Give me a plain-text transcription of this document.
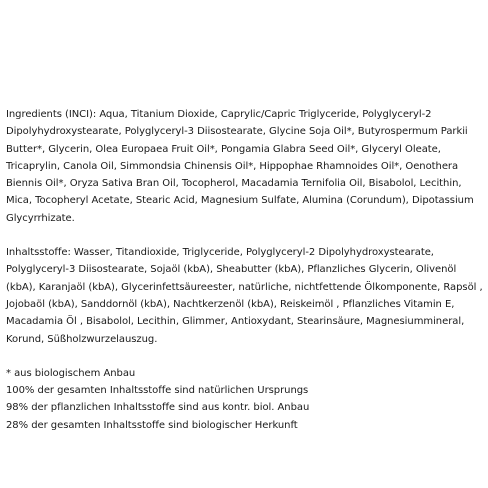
Ingredients (INCI): Aqua, Titanium Dioxide, Caprylic/Capric Triglyceride, Polyglyceryl-2 Dipolyhydroxystearate, Polyglyceryl-3 Diisostearate, Glycine Soja Oil*, Butyrospermum Parkii Butter*, Glycerin, Olea Europaea Fruit Oil*, Pongamia Glabra Seed Oil*, Glyceryl Oleate, Tricaprylin, Canola Oil, Simmondsia Chinensis Oil*, Hippophae Rhamnoides Oil*, Oenothera Biennis Oil*, Oryza Sativa Bran Oil, Tocopherol, Macadamia Ternifolia Oil, Bisabolol, Lecithin, Mica, Tocopheryl Acetate, Stearic Acid, Magnesium Sulfate, Alumina (Corundum), Dipotassium Glycyrrhizate.

Inhaltsstoffe: Wasser, Titandioxide, Triglyceride, Polyglyceryl-2 Dipolyhydroxystearate, Polyglyceryl-3 Diisostearate, Sojaöl (kbA), Sheabutter (kbA), Pflanzliches Glycerin, Olivenöl (kbA), Karanjaöl (kbA), Glycerinfettsäureester, natürliche, nichtfettende Ölkomponente, Rapsöl , Jojobaöl (kbA), Sanddornöl (kbA), Nachtkerzenöl (kbA), Reiskeimöl , Pflanzliches Vitamin E, Macadamia Öl , Bisabolol, Lecithin, Glimmer, Antioxydant, Stearinsäure, Magnesiummineral, Korund, Süßholzwurzelauszug.

* aus biologischem Anbau
100% der gesamten Inhaltsstoffe sind natürlichen Ursprungs
98% der pflanzlichen Inhaltsstoffe sind aus kontr. biol. Anbau
28% der gesamten Inhaltsstoffe sind biologischer Herkunft
